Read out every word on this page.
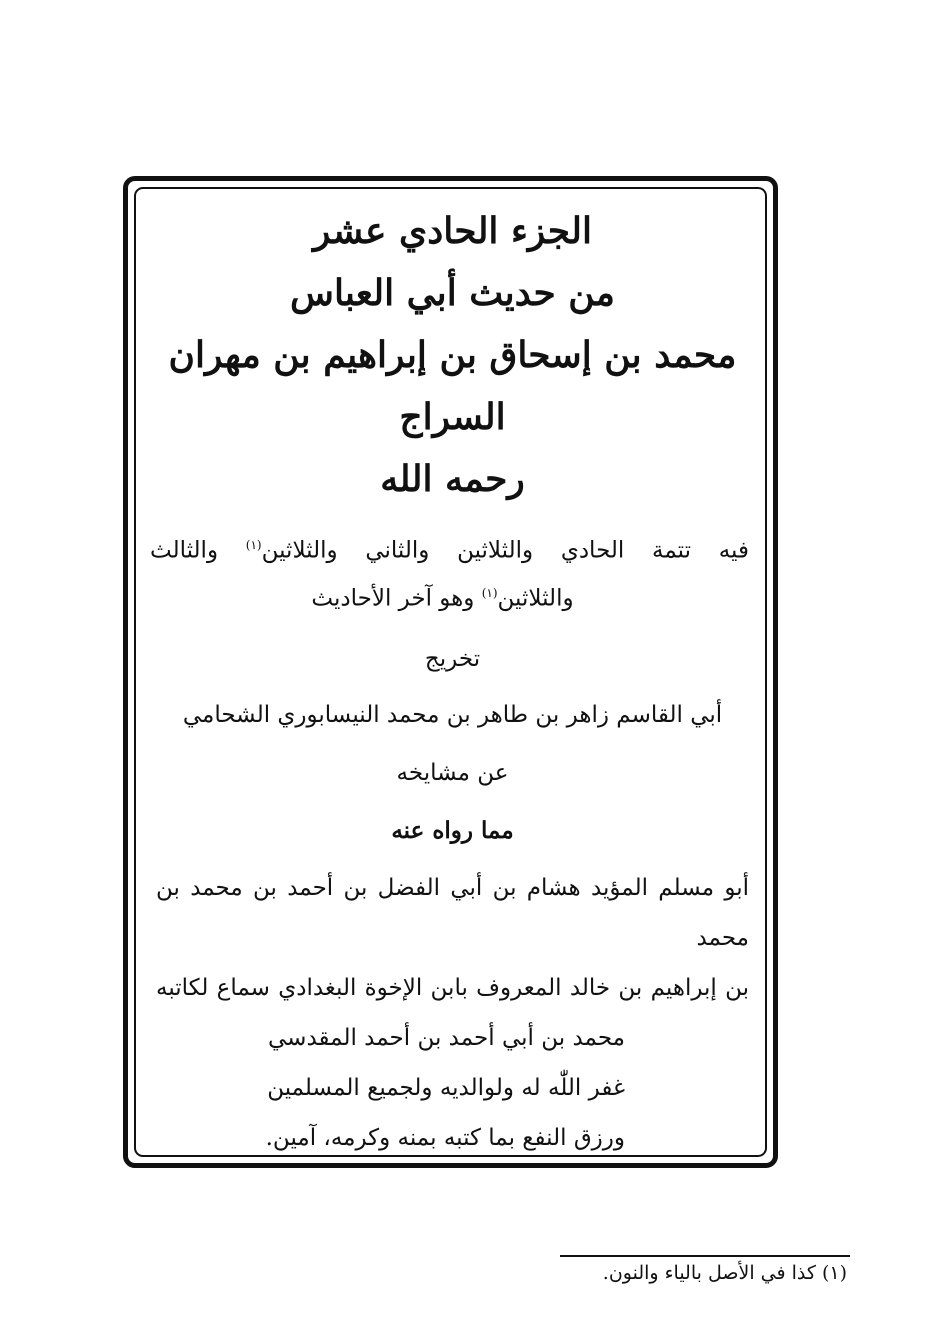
الجزء الحادي عشر

من حديث أبي العباس

محمد بن إسحاق بن إبراهيم بن مهران السراج

رحمه الله

فيه تتمة الحادي والثلاثين والثاني والثلاثين$^{(١)}$ والثالث
والثلاثين$^{(١)}$ وهو آخر الأحاديث

تخريج

أبي القاسم زاهر بن طاهر بن محمد النيسابوري الشحامي

عن مشايخه

مما رواه عنه

أبو مسلم المؤيد هشام بن أبي الفضل بن أحمد بن محمد بن محمد
بن إبراهيم بن خالد المعروف بابن الإخوة البغدادي سماع لكاتبه
محمد بن أبي أحمد بن أحمد المقدسي
غفر اللّٰه له ولوالديه ولجميع المسلمين
ورزق النفع بما كتبه بمنه وكرمه، آمين.
(١) كذا في الأصل بالياء والنون.
